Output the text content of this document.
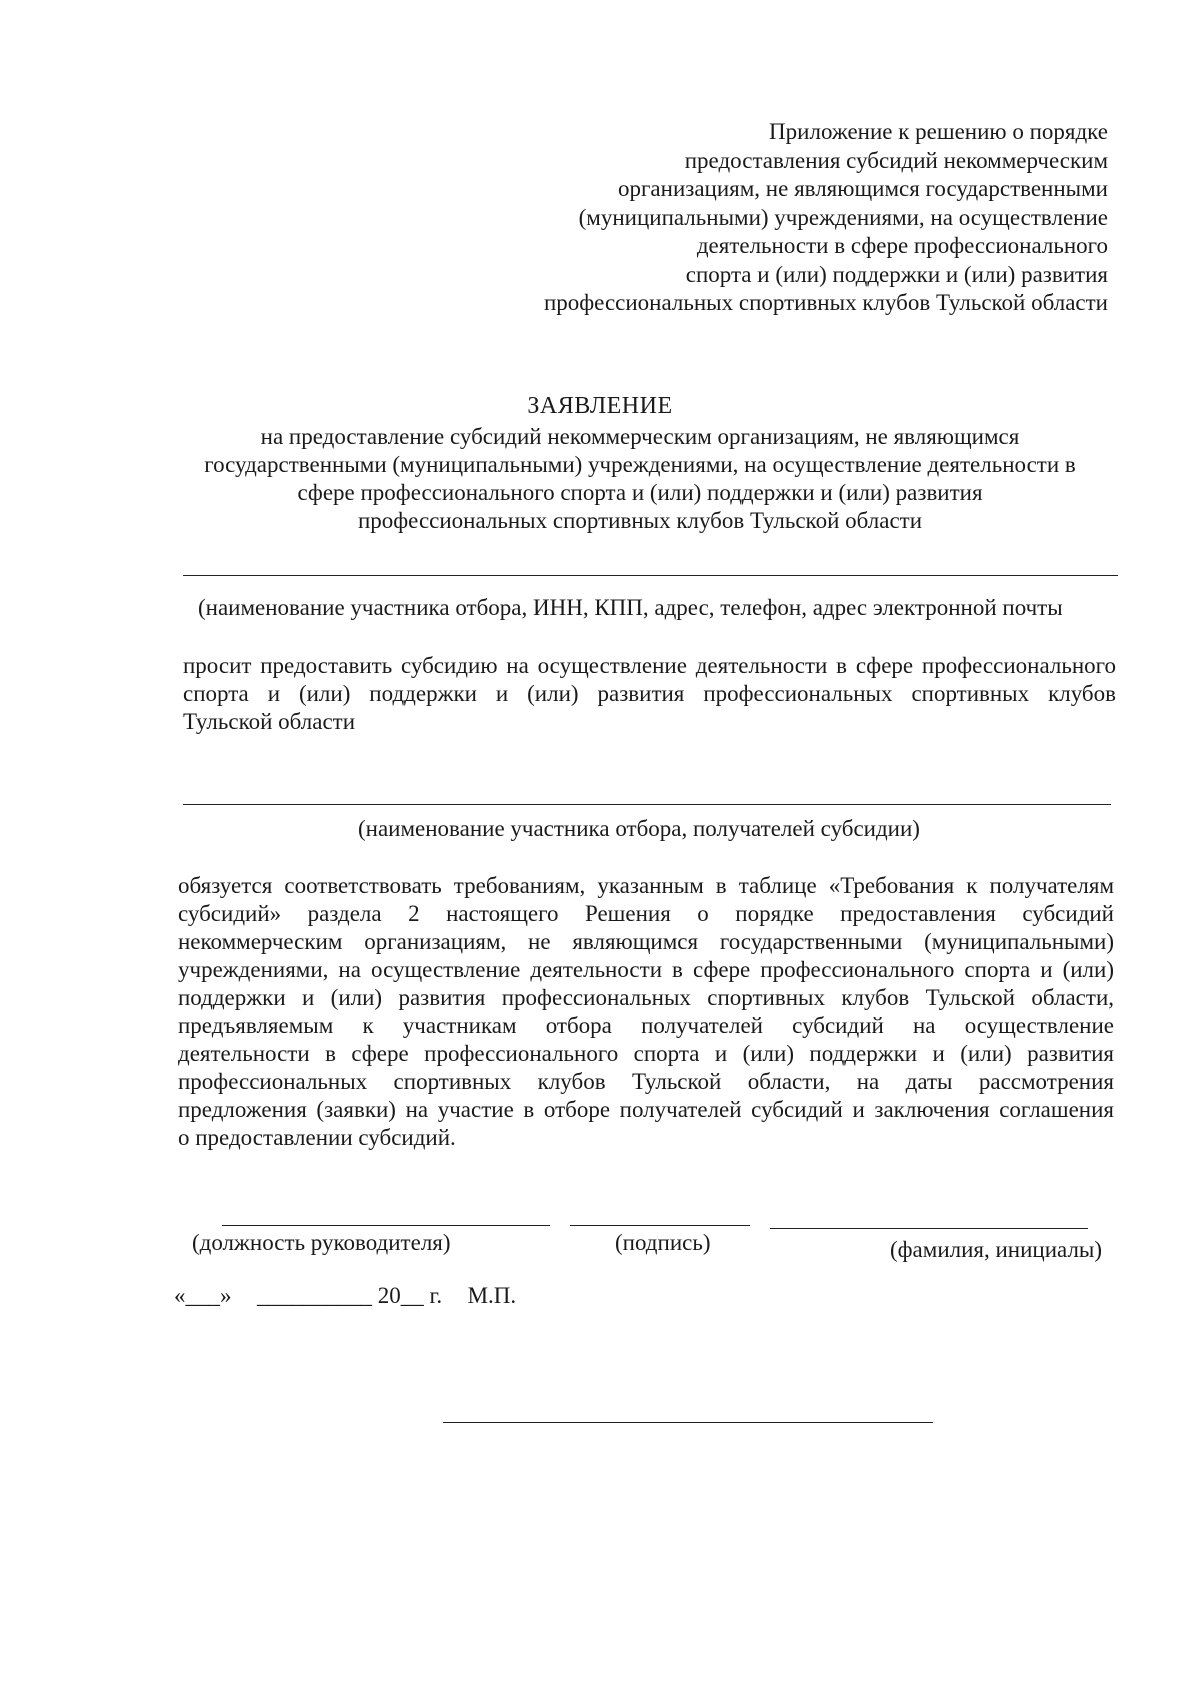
Приложение к решению о порядке
предоставления субсидий некоммерческим
организациям, не являющимся государственными
(муниципальными) учреждениями, на осуществление
деятельности в сфере профессионального
спорта и (или) поддержки и (или) развития
профессиональных спортивных клубов Тульской области
ЗАЯВЛЕНИЕ
на предоставление субсидий некоммерческим организациям, не являющимся
государственными (муниципальными) учреждениями, на осуществление деятельности в
сфере профессионального спорта и (или) поддержки и (или) развития
профессиональных спортивных клубов Тульской области
(наименование участника отбора, ИНН, КПП, адрес, телефон, адрес электронной почты
просит предоставить субсидию на осуществление деятельности в сфере профессионального
спорта и (или) поддержки и (или) развития профессиональных спортивных клубов
Тульской области
(наименование участника отбора, получателей субсидии)
обязуется соответствовать требованиям, указанным в таблице «Требования к получателям
субсидий» раздела 2 настоящего Решения о порядке предоставления субсидий
некоммерческим организациям, не являющимся государственными (муниципальными)
учреждениями, на осуществление деятельности в сфере профессионального спорта и (или)
поддержки и (или) развития профессиональных спортивных клубов Тульской области,
предъявляемым к участникам отбора получателей субсидий на осуществление
деятельности в сфере профессионального спорта и (или) поддержки и (или) развития
профессиональных спортивных клубов Тульской области, на даты рассмотрения
предложения (заявки) на участие в отборе получателей субсидий и заключения соглашения
о предоставлении субсидий.
(должность руководителя)	(подпись)	(фамилия, инициалы)
«___» __________ 20__ г. М.П.
